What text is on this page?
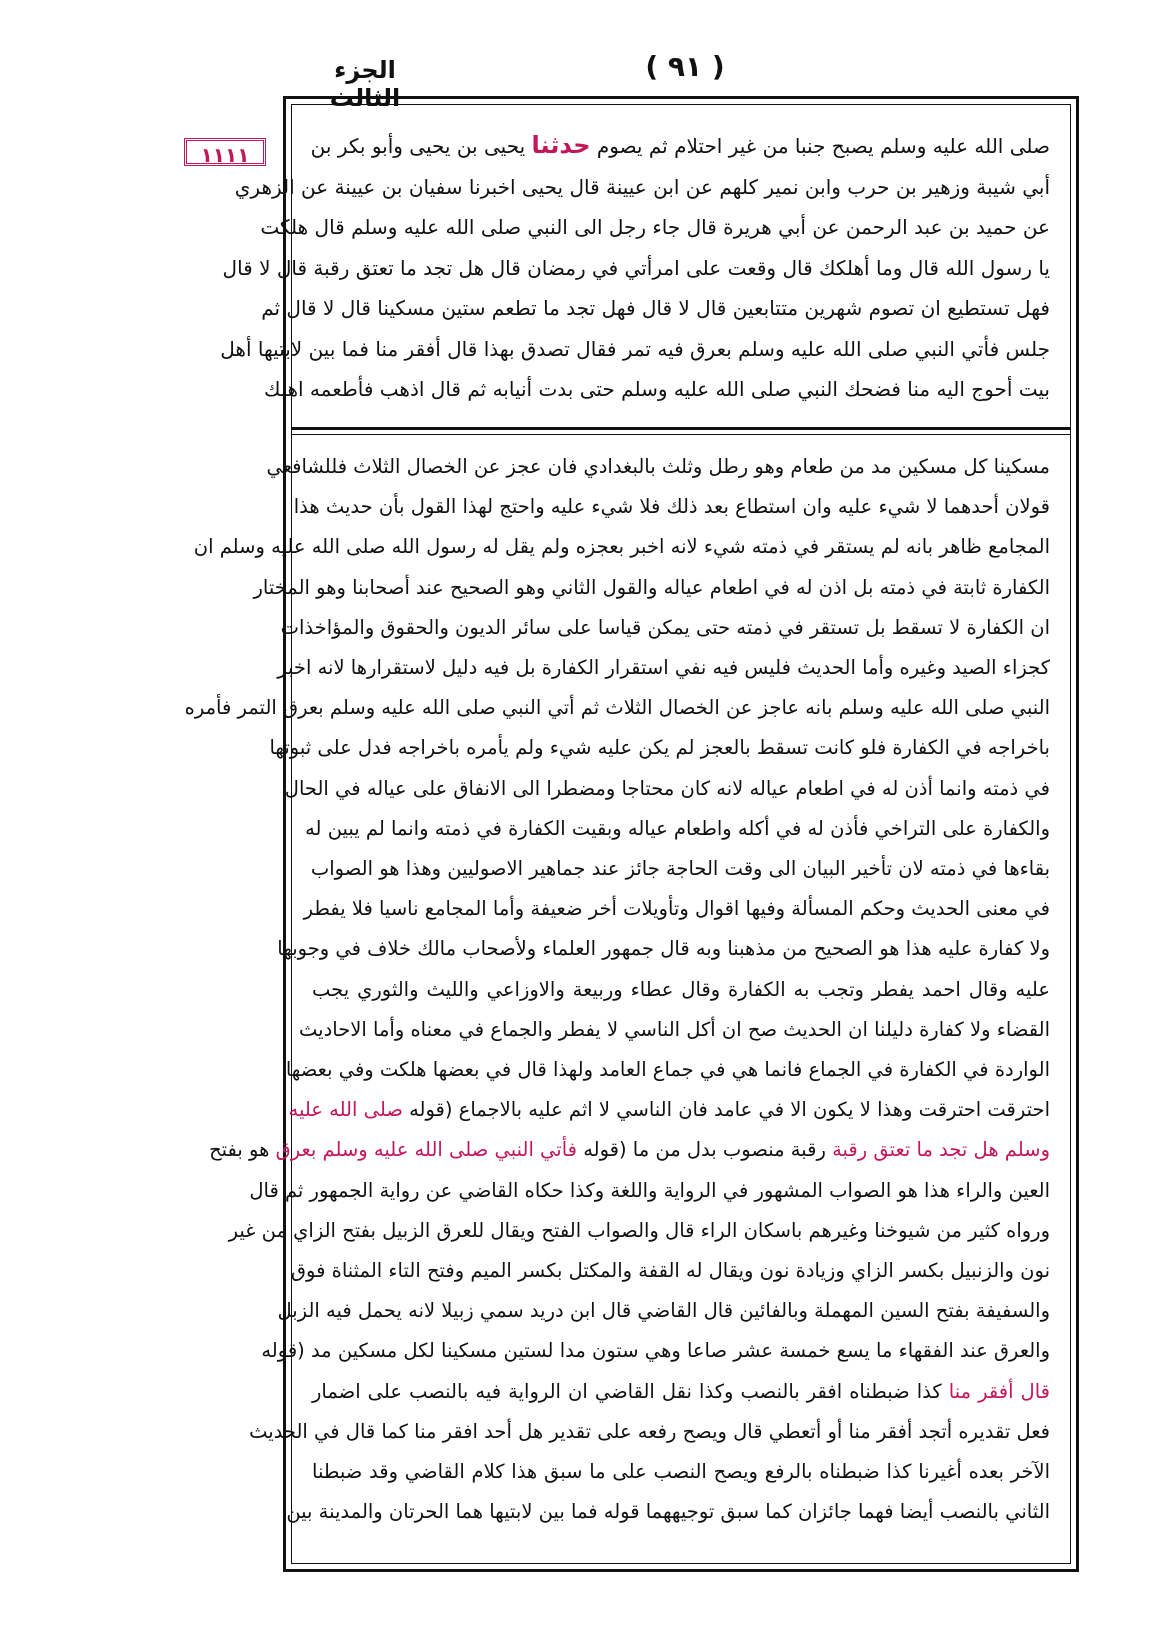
الجزء الثالث
( ٩١ )
١١١١	صلى الله عليه وسلم يصبح جنبا من غير احتلام ثم يصوم حدثنا يحيى بن يحيى وأبو بكر بن
أبي شيبة وزهير بن حرب وابن نمير كلهم عن ابن عيينة قال يحيى اخبرنا سفيان بن عيينة عن الزهري
عن حميد بن عبد الرحمن عن أبي هريرة قال جاء رجل الى النبي صلى الله عليه وسلم قال هلكت
يا رسول الله قال وما أهلكك قال وقعت على امرأتي في رمضان قال هل تجد ما تعتق رقبة قال لا قال
فهل تستطيع ان تصوم شهرين متتابعين قال لا قال فهل تجد ما تطعم ستين مسكينا قال لا قال ثم
جلس فأتي النبي صلى الله عليه وسلم بعرق فيه تمر فقال تصدق بهذا قال أفقر منا فما بين لابتيها أهل
بيت أحوج اليه منا فضحك النبي صلى الله عليه وسلم حتى بدت أنيابه ثم قال اذهب فأطعمه اهلك
مسكينا كل مسكين مد من طعام وهو رطل وثلث بالبغدادي فان عجز عن الخصال الثلاث فللشافعي
قولان أحدهما لا شيء عليه وان استطاع بعد ذلك فلا شيء عليه واحتج لهذا القول بأن حديث هذا
المجامع ظاهر بانه لم يستقر في ذمته شيء لانه اخبر بعجزه ولم يقل له رسول الله صلى الله عليه وسلم ان
الكفارة ثابتة في ذمته بل اذن له في اطعام عياله والقول الثاني وهو الصحيح عند أصحابنا وهو المختار
ان الكفارة لا تسقط بل تستقر في ذمته حتى يمكن قياسا على سائر الديون والحقوق والمؤاخذات
كجزاء الصيد وغيره وأما الحديث فليس فيه نفي استقرار الكفارة بل فيه دليل لاستقرارها لانه اخبر
النبي صلى الله عليه وسلم بانه عاجز عن الخصال الثلاث ثم أتي النبي صلى الله عليه وسلم بعرق التمر فأمره
باخراجه في الكفارة فلو كانت تسقط بالعجز لم يكن عليه شيء ولم يأمره باخراجه فدل على ثبوتها
في ذمته وانما أذن له في اطعام عياله لانه كان محتاجا ومضطرا الى الانفاق على عياله في الحال
والكفارة على التراخي فأذن له في أكله واطعام عياله وبقيت الكفارة في ذمته وانما لم يبين له
بقاءها في ذمته لان تأخير البيان الى وقت الحاجة جائز عند جماهير الاصوليين وهذا هو الصواب
في معنى الحديث وحكم المسألة وفيها اقوال وتأويلات أخر ضعيفة وأما المجامع ناسيا فلا يفطر
ولا كفارة عليه هذا هو الصحيح من مذهبنا وبه قال جمهور العلماء ولأصحاب مالك خلاف في وجوبها
عليه وقال احمد يفطر وتجب به الكفارة وقال عطاء وربيعة والاوزاعي والليث والثوري يجب
القضاء ولا كفارة دليلنا ان الحديث صح ان أكل الناسي لا يفطر والجماع في معناه وأما الاحاديث
الواردة في الكفارة في الجماع فانما هي في جماع العامد ولهذا قال في بعضها هلكت وفي بعضها
احترقت احترقت وهذا لا يكون الا في عامد فان الناسي لا اثم عليه بالاجماع (قوله صلى الله عليه
وسلم هل تجد ما تعتق رقبة رقبة منصوب بدل من ما (قوله فأتي النبي صلى الله عليه وسلم بعرق هو بفتح
العين والراء هذا هو الصواب المشهور في الرواية واللغة وكذا حكاه القاضي عن رواية الجمهور ثم قال
ورواه كثير من شيوخنا وغيرهم باسكان الراء قال والصواب الفتح ويقال للعرق الزبيل بفتح الزاي من غير
نون والزنبيل بكسر الزاي وزيادة نون ويقال له القفة والمكتل بكسر الميم وفتح التاء المثناة فوق
والسفيفة بفتح السين المهملة وبالفائين قال القاضي قال ابن دريد سمي زبيلا لانه يحمل فيه الزبل
والعرق عند الفقهاء ما يسع خمسة عشر صاعا وهي ستون مدا لستين مسكينا لكل مسكين مد (قوله
قال أفقر منا كذا ضبطناه افقر بالنصب وكذا نقل القاضي ان الرواية فيه بالنصب على اضمار
فعل تقديره أتجد أفقر منا أو أتعطي قال ويصح رفعه على تقدير هل أحد افقر منا كما قال في الحديث
الآخر بعده أغيرنا كذا ضبطناه بالرفع ويصح النصب على ما سبق هذا كلام القاضي وقد ضبطنا
الثاني بالنصب أيضا فهما جائزان كما سبق توجيههما قوله فما بين لابتيها هما الحرتان والمدينة بين
